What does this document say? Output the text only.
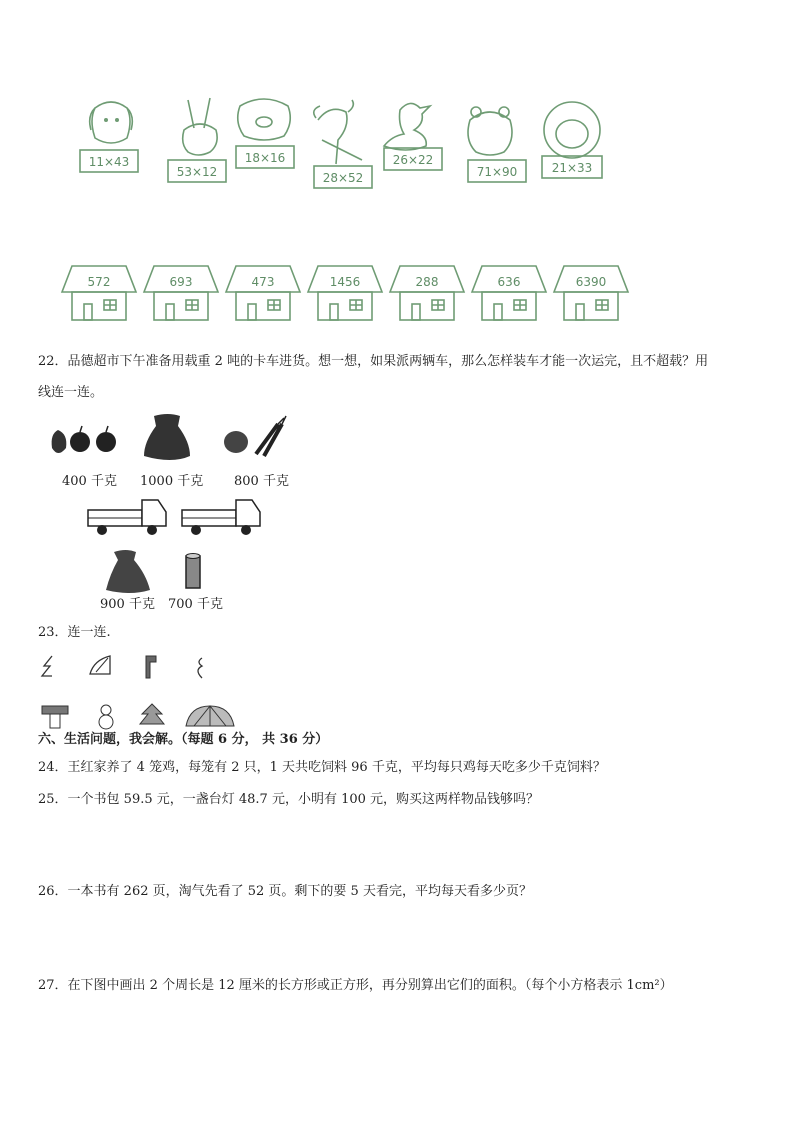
11×43
53×12
18×16
28×52
26×22
71×90	21×33
572	693	473	1456	288	636	6390
22．品德超市下午准备用载重 2 吨的卡车进货。想一想，如果派两辆车，那么怎样装车才能一次运完，且不超载？用
线连一连。
400 千克 1000 千克 800 千克
900 千克 700 千克
23．连一连.
六、生活问题，我会解。（每题 6 分， 共 36 分）
24．王红家养了 4 笼鸡，每笼有 2 只，1 天共吃饲料 96 千克，平均每只鸡每天吃多少千克饲料？
25．一个书包 59.5 元，一盏台灯 48.7 元，小明有 100 元，购买这两样物品钱够吗？
26．一本书有 262 页，淘气先看了 52 页。剩下的要 5 天看完，平均每天看多少页？
27．在下图中画出 2 个周长是 12 厘米的长方形或正方形，再分别算出它们的面积。（每个小方格表示 1cm²）
